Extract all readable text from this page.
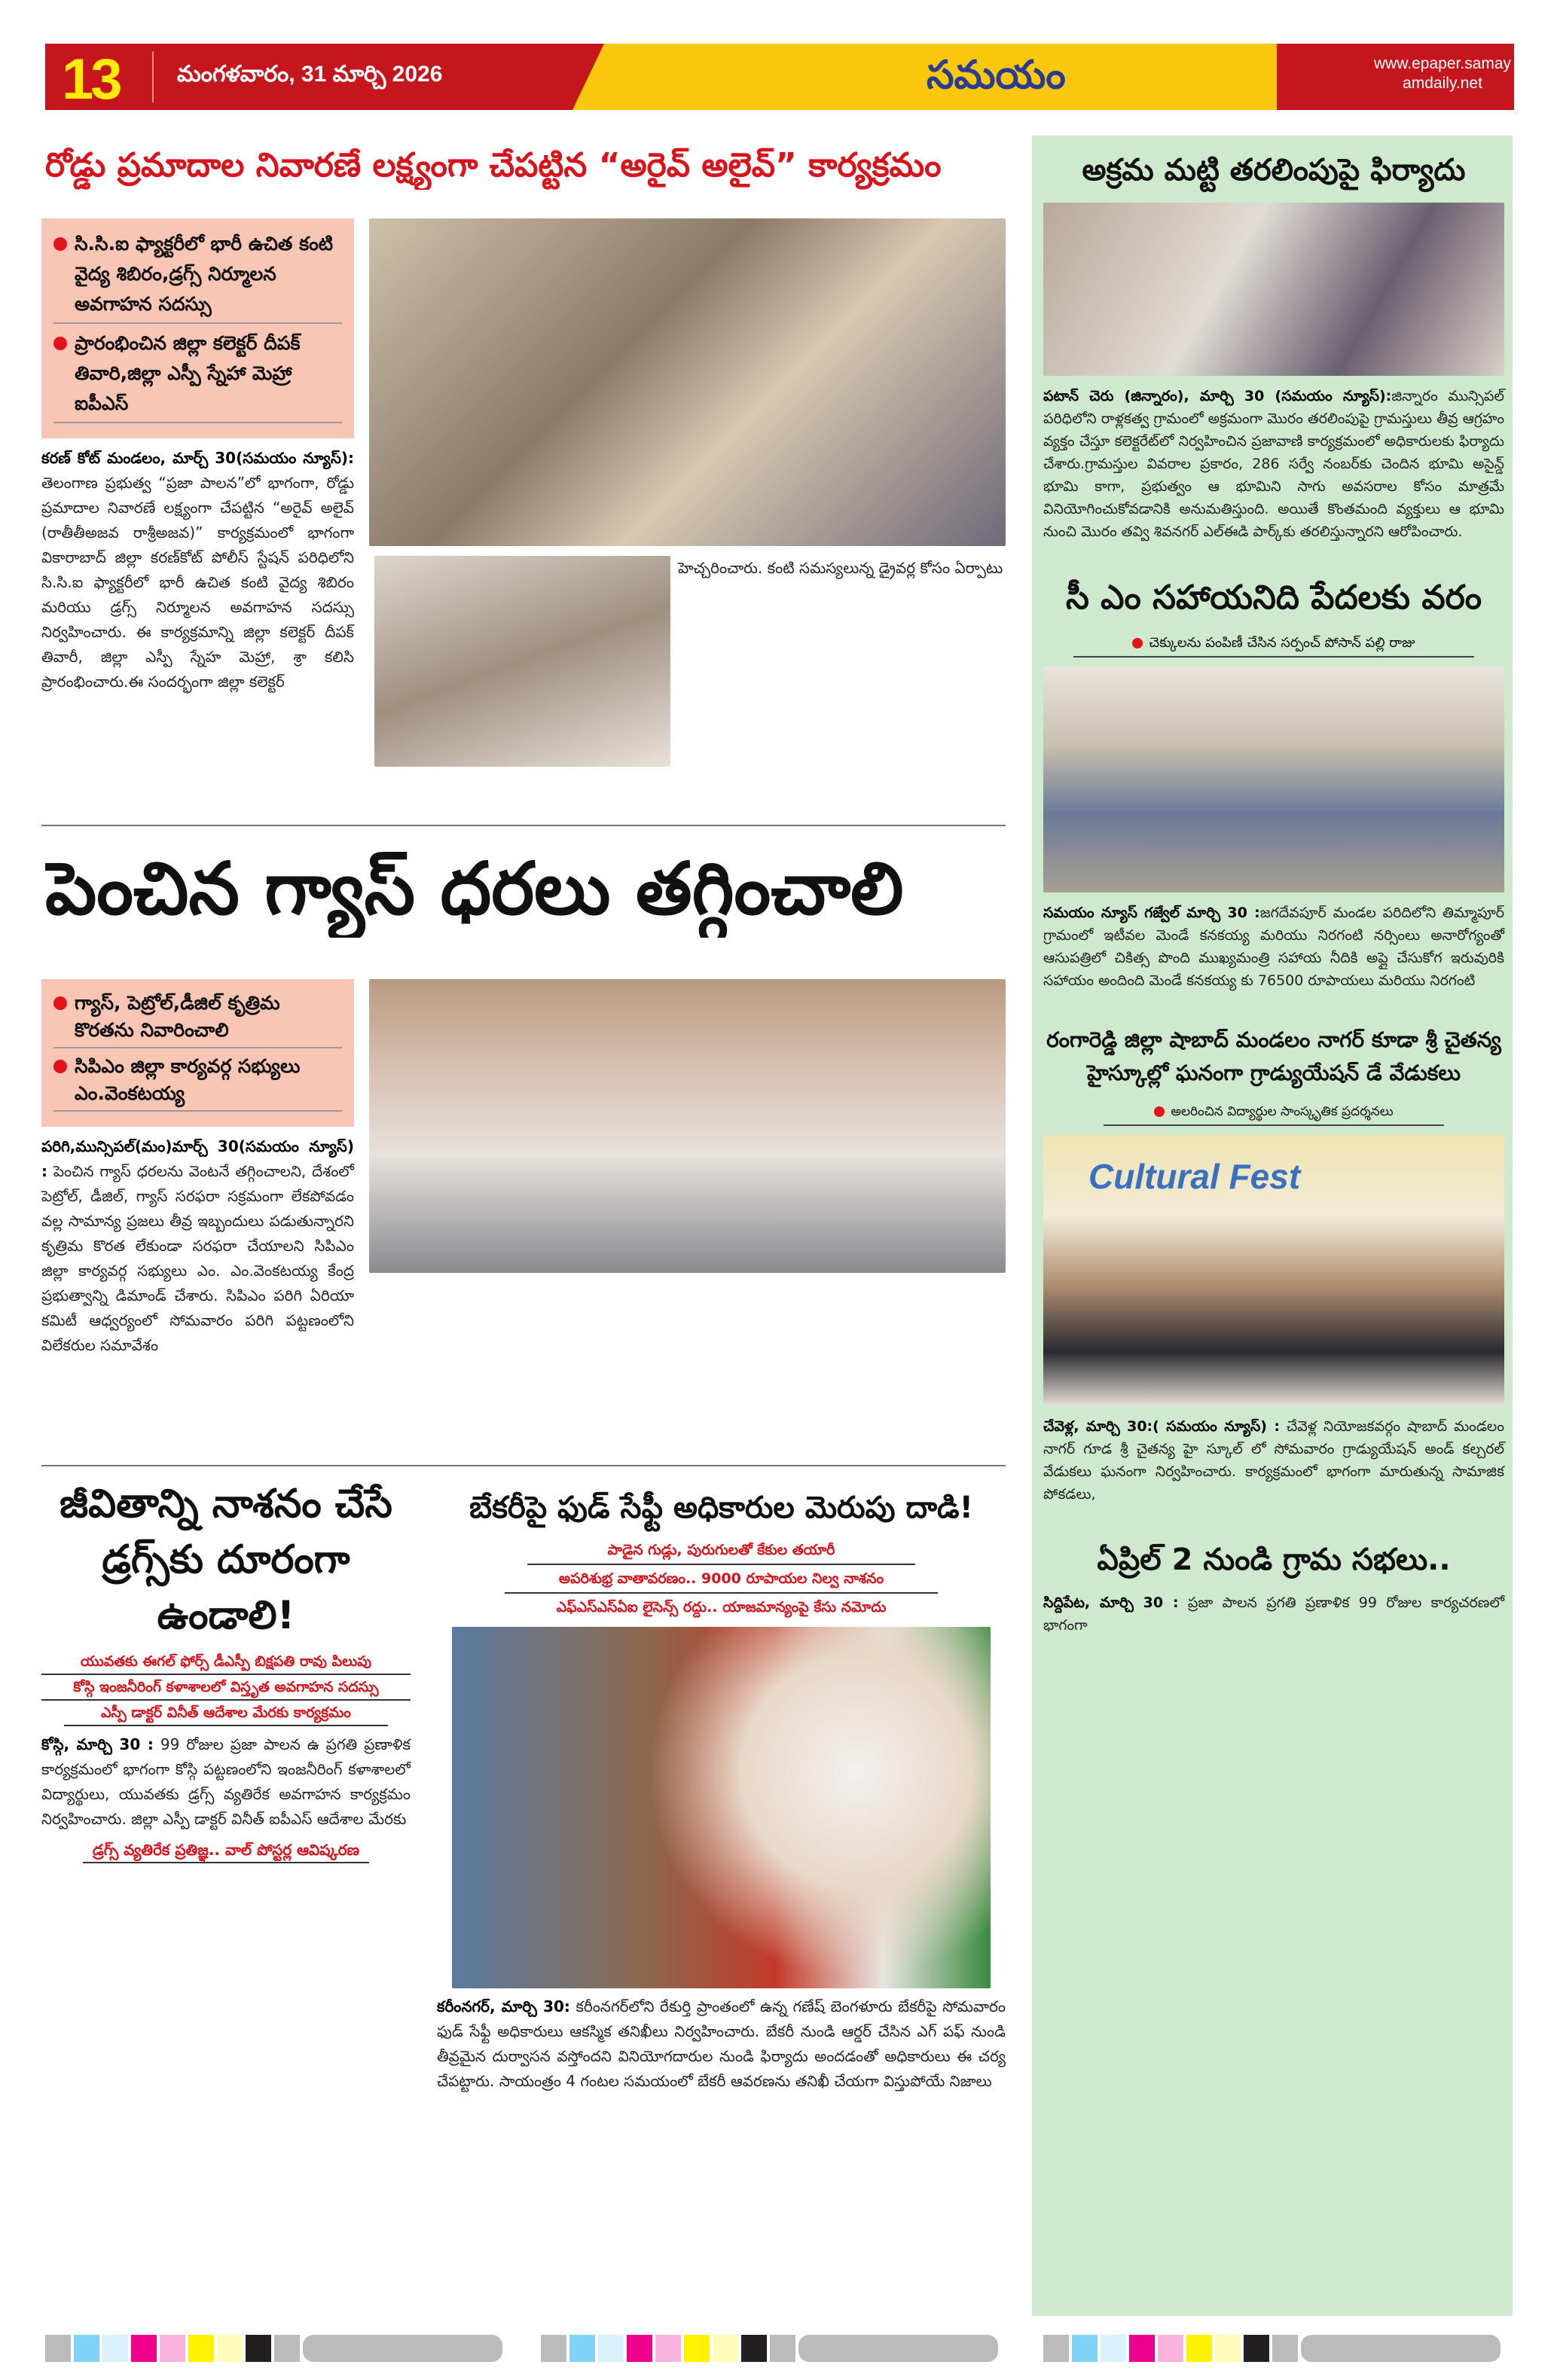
13	మంగళవారం, 31 మార్చి 2026	సమయం	www.epaper.samayamdaily.net
రోడ్డు ప్రమాదాల నివారణే లక్ష్యంగా చేపట్టిన “అరైవ్ అలైవ్” కార్యక్రమం
సి.సి.ఐ ఫ్యాక్టరీలో భారీ ఉచిత కంటి వైద్య శిబిరం,డ్రగ్స్ నిర్మూలన అవగాహన సదస్సు
ప్రారంభించిన జిల్లా కలెక్టర్ దీపక్ తివారి,జిల్లా ఎస్పీ స్నేహా మెహ్రా ఐపీఎస్
కరణ్ కోట్ మండలం, మార్చ్ 30(సమయం న్యూస్): తెలంగాణ ప్రభుత్వ “ప్రజా పాలన”లో భాగంగా, రోడ్డు ప్రమాదాల నివారణే లక్ష్యంగా చేపట్టిన “అరైవ్ అలైవ్ (రాతీతీఅజవ రాశ్రీఅజవ)” కార్యక్రమంలో భాగంగా వికారాబాద్ జిల్లా కరణ్‌కోట్ పోలీస్ స్టేషన్ పరిధిలోని సి.సి.ఐ ఫ్యాక్టరీలో భారీ ఉచిత కంటి వైద్య శిబిరం మరియు డ్రగ్స్ నిర్మూలన అవగాహన సదస్సు నిర్వహించారు. ఈ కార్యక్రమాన్ని జిల్లా కలెక్టర్ దీపక్ తివారీ, జిల్లా ఎస్పీ స్నేహ మెహ్రా, శ్రా కలిసి ప్రారంభించారు.ఈ సందర్భంగా జిల్లా కలెక్టర్
హెచ్చరించారు. కంటి సమస్యలున్న డ్రైవర్ల కోసం ఏర్పాటు
పెంచిన గ్యాస్ ధరలు తగ్గించాలి
గ్యాస్, పెట్రోల్,డీజిల్ కృత్రిమ కొరతను నివారించాలి
సిపిఎం జిల్లా కార్యవర్గ సభ్యులు ఎం.వెంకటయ్య
పరిగి,మున్సిపల్(మం)మార్చ్ 30(సమయం న్యూస్) : పెంచిన గ్యాస్ ధరలను వెంటనే తగ్గించాలని, దేశంలో పెట్రోల్, డీజిల్, గ్యాస్ సరఫరా సక్రమంగా లేకపోవడం వల్ల సామాన్య ప్రజలు తీవ్ర ఇబ్బందులు పడుతున్నారని కృత్రిమ కొరత లేకుండా సరఫరా చేయాలని సిపిఎం జిల్లా కార్యవర్గ సభ్యులు ఎం. ఎం.వెంకటయ్య కేంద్ర ప్రభుత్వాన్ని డిమాండ్ చేశారు. సిపిఎం పరిగి ఏరియా కమిటీ ఆధ్వర్యంలో సోమవారం పరిగి పట్టణంలోని విలేకరుల సమావేశం
జీవితాన్ని నాశనం చేసే డ్రగ్స్‌కు దూరంగా ఉండాలి!
యువతకు ఈగల్ ఫోర్స్ డీఎస్పీ బిక్షపతి రావు పిలుపు
కోస్గి ఇంజనీరింగ్ కళాశాలలో విస్తృత అవగాహన సదస్సు
ఎస్పీ డాక్టర్ వినీత్ ఆదేశాల మేరకు కార్యక్రమం
కోస్గి, మార్చి 30 : 99 రోజుల ప్రజా పాలన ఉ ప్రగతి ప్రణాళిక కార్యక్రమంలో భాగంగా కోస్గి పట్టణంలోని ఇంజనీరింగ్ కళాశాలలో విద్యార్థులు, యువతకు డ్రగ్స్ వ్యతిరేక అవగాహన కార్యక్రమం నిర్వహించారు. జిల్లా ఎస్పీ డాక్టర్ వినీత్ ఐపీఎస్ ఆదేశాల మేరకు
డ్రగ్స్ వ్యతిరేక ప్రతిజ్ఞ.. వాల్ పోస్టర్ల ఆవిష్కరణ
బేకరీపై ఫుడ్ సేఫ్టీ అధికారుల మెరుపు దాడి!
పాడైన గుడ్లు, పురుగులతో కేకుల తయారీ
అపరిశుభ్ర వాతావరణం.. 9000 రూపాయల నిల్వ నాశనం
ఎఫ్ఎస్ఎస్ఏఐ లైసెన్స్ రద్దు.. యాజమాన్యంపై కేసు నమోదు
కరీంనగర్, మార్చి 30: కరీంనగర్‌లోని రేకుర్తి ప్రాంతంలో ఉన్న గణేష్ బెంగళూరు బేకరీపై సోమవారం ఫుడ్ సేఫ్టీ అధికారులు ఆకస్మిక తనిఖీలు నిర్వహించారు. బేకరీ నుండి ఆర్డర్ చేసిన ఎగ్ పఫ్ నుండి తీవ్రమైన దుర్వాసన వస్తోందని వినియోగదారుల నుండి ఫిర్యాదు అందడంతో అధికారులు ఈ చర్య చేపట్టారు. సాయంత్రం 4 గంటల సమయంలో బేకరీ ఆవరణను తనిఖీ చేయగా విస్తుపోయే నిజాలు
అక్రమ మట్టి తరలింపుపై ఫిర్యాదు
పటాన్ చెరు (జిన్నారం), మార్చి 30 (సమయం న్యూస్):జిన్నారం మున్సిపల్ పరిధిలోని రాళ్లకత్వ గ్రామంలో అక్రమంగా మొరం తరలింపుపై గ్రామస్తులు తీవ్ర ఆగ్రహం వ్యక్తం చేస్తూ కలెక్టరేట్‌లో నిర్వహించిన ప్రజావాణి కార్యక్రమంలో అధికారులకు ఫిర్యాదు చేశారు.గ్రామస్తుల వివరాల ప్రకారం, 286 సర్వే నంబర్‌కు చెందిన భూమి అసైన్డ్ భూమి కాగా, ప్రభుత్వం ఆ భూమిని సాగు అవసరాల కోసం మాత్రమే వినియోగించుకోవడానికి అనుమతిస్తుంది. అయితే కొంతమంది వ్యక్తులు ఆ భూమి నుంచి మొరం తవ్వి శివనగర్ ఎల్ఈడి పార్క్‌కు తరలిస్తున్నారని ఆరోపించారు.
సీ ఎం సహాయనిది పేదలకు వరం
చెక్కులను పంపిణీ చేసిన సర్పంచ్ పోసాన్ పల్లి రాజు
సమయం న్యూస్ గజ్వేల్ మార్చి 30 :జగదేవపూర్ మండల పరిదిలోని తిమ్మాపూర్ గ్రామంలో ఇటీవల మెండే కనకయ్య మరియు నిరగంటి నర్సింలు అనారోగ్యంతో ఆసుపత్రిలో చికిత్స పొంది ముఖ్యమంత్రి సహాయ నీదికి అప్లై చేసుకోగ ఇరువురికి సహాయం అందింది మెండే కనకయ్య కు 76500 రూపాయలు మరియు నిరగంటి
రంగారెడ్డి జిల్లా షాబాద్ మండలం నాగర్ కూడా శ్రీ చైతన్య హైస్కూల్లో ఘనంగా గ్రాడ్యుయేషన్ డే వేడుకలు
అలరించిన విద్యార్థుల సాంస్కృతిక ప్రదర్శనలు
Cultural Fest
చేవెళ్ల, మార్చి 30:( సమయం న్యూస్) : చేవెళ్ల నియోజకవర్గం షాబాద్ మండలం నాగర్ గూడ శ్రీ చైతన్య హై స్కూల్ లో సోమవారం గ్రాడ్యుయేషన్ అండ్ కల్చరల్ వేడుకలు ఘనంగా నిర్వహించారు. కార్యక్రమంలో భాగంగా మారుతున్న సామాజిక పోకడలు,
ఏప్రిల్ 2 నుండి గ్రామ సభలు..
సిద్దిపేట, మార్చి 30 : ప్రజా పాలన ప్రగతి ప్రణాళిక 99 రోజుల కార్యచరణలో భాగంగా
